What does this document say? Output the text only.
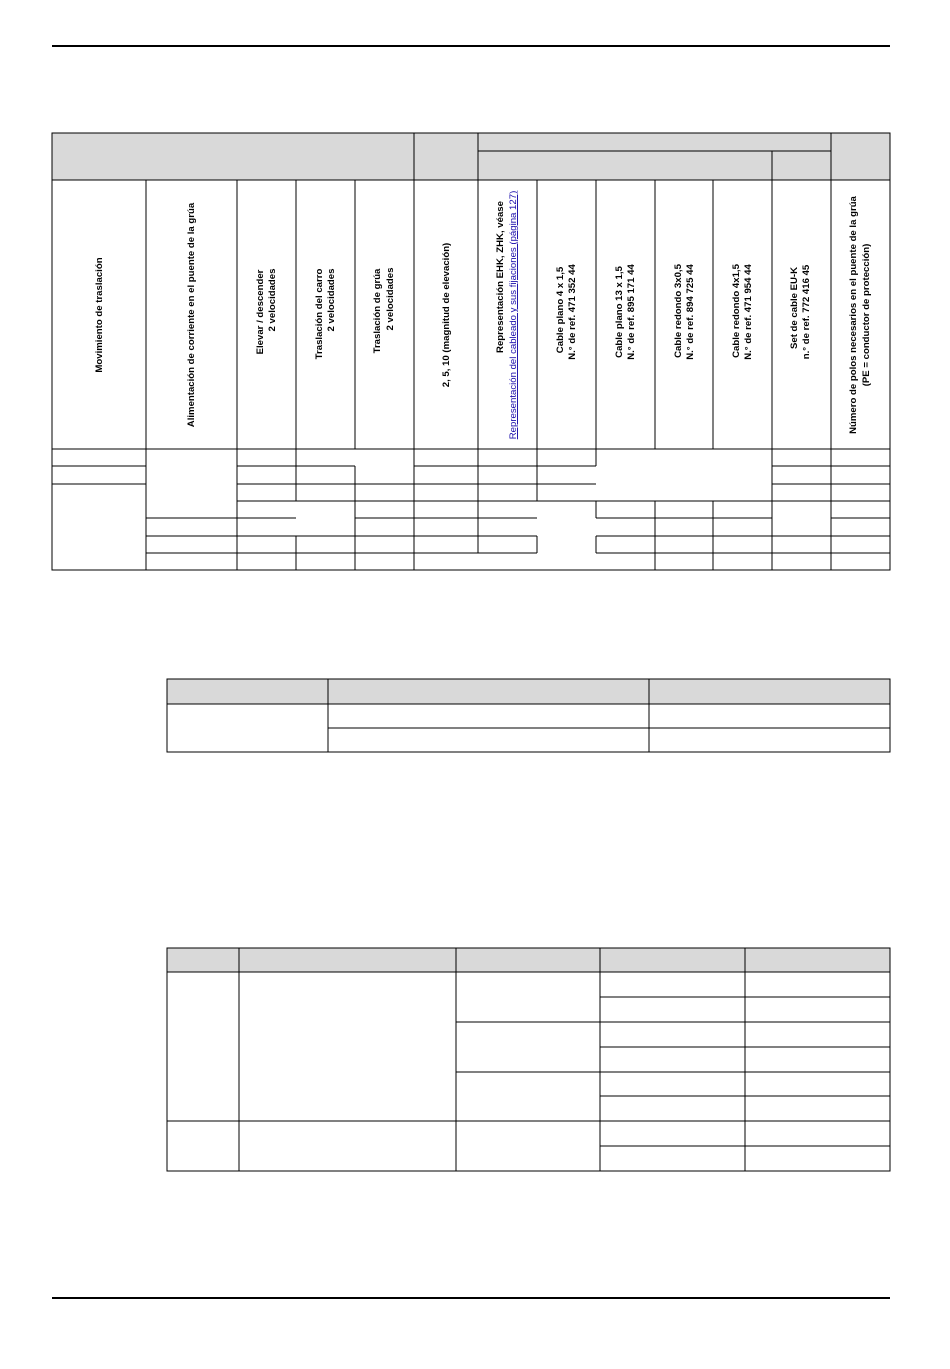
Movimiento de traslación	Alimentación de corriente en el puente de la grúa	Elevar / descender 2 velocidades	Traslación del carro 2 velocidades	Traslación de grúa 2 velocidades	2, 5, 10 (magnitud de elevación)	Representación EHK, ZHK, véase Representación del cableado y sus fijaciones (página 127)	Cable plano 4 x 1,5 N.° de ref. 471 352 44	Cable plano 13 x 1,5 N.° de ref. 895 171 44	Cable redondo 3x0,5 N.° de ref. 894 725 44	Cable redondo 4x1,5 N.° de ref. 471 954 44	Set de cable EU-K n.° de ref. 772 416 45	Número de polos necesarios en el puente de la grúa (PE = conductor de protección)
